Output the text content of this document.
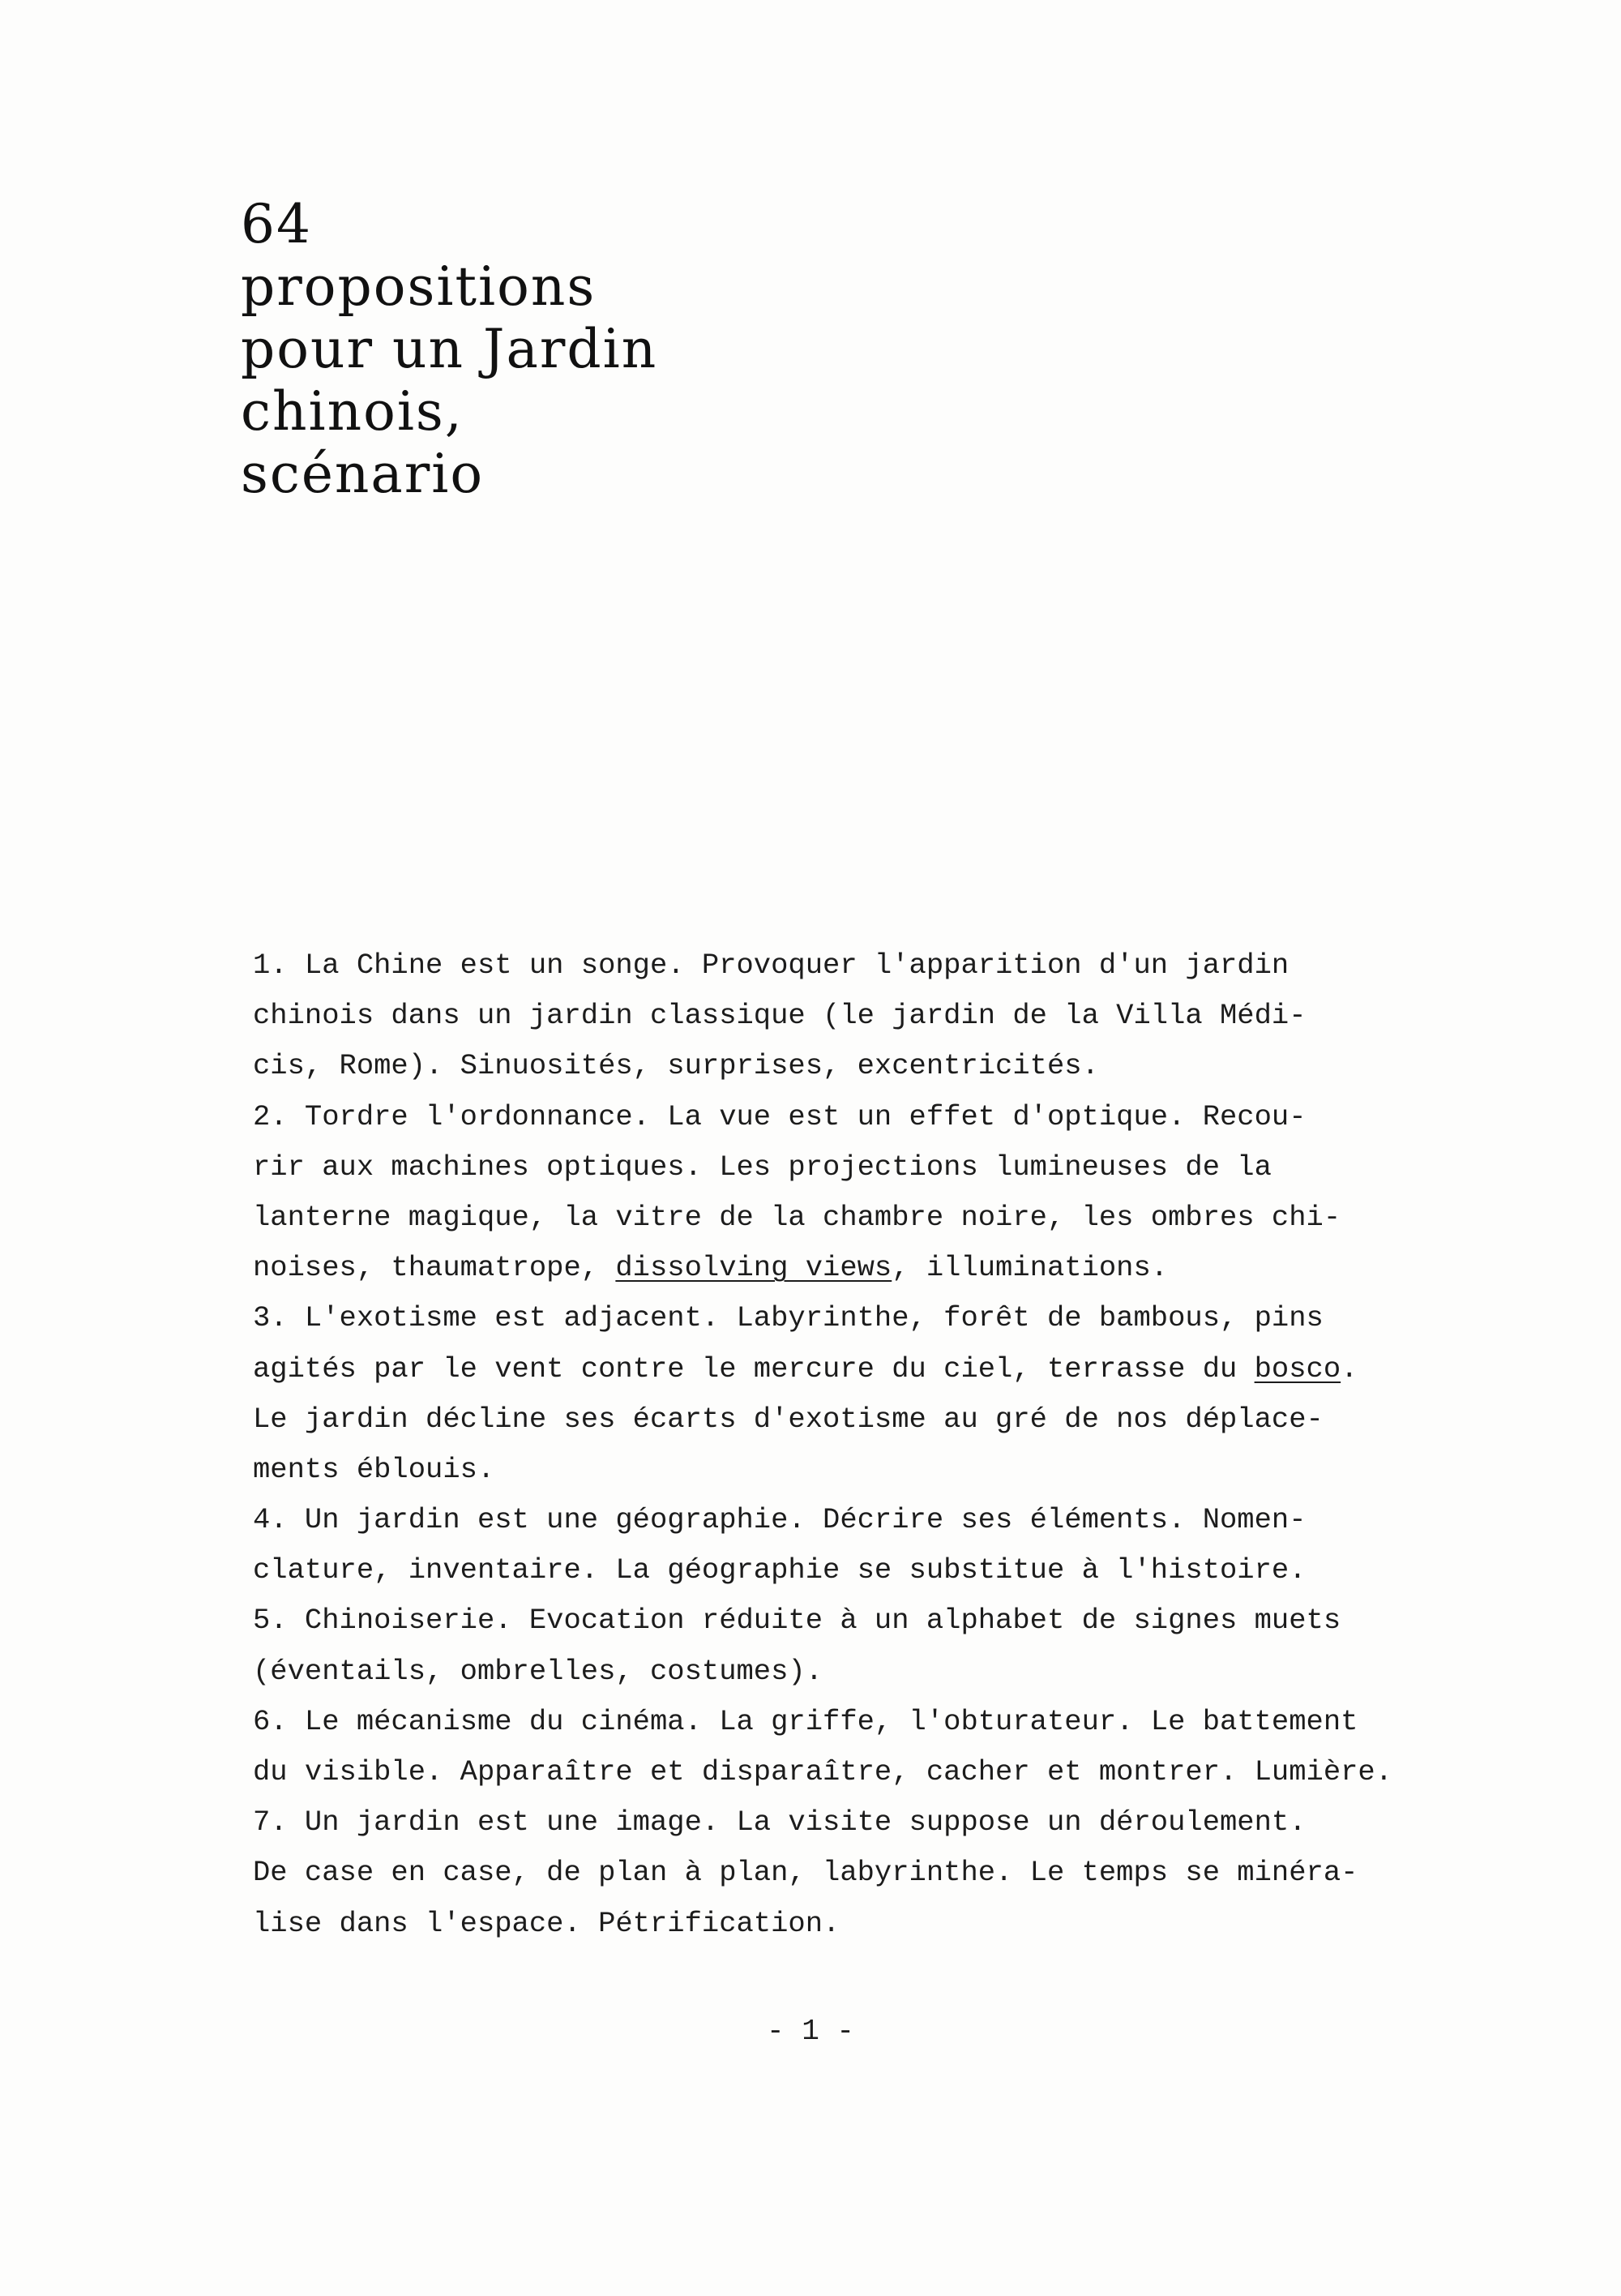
64
propositions
pour un Jardin
chinois,
scénario
1. La Chine est un songe. Provoquer l'apparition d'un jardin
chinois dans un jardin classique (le jardin de la Villa Médi-
cis, Rome). Sinuosités, surprises, excentricités.
2. Tordre l'ordonnance. La vue est un effet d'optique. Recou-
rir aux machines optiques. Les projections lumineuses de la
lanterne magique, la vitre de la chambre noire, les ombres chi-
noises, thaumatrope, dissolving views, illuminations.
3. L'exotisme est adjacent. Labyrinthe, forêt de bambous, pins
agités par le vent contre le mercure du ciel, terrasse du bosco.
Le jardin décline ses écarts d'exotisme au gré de nos déplace-
ments éblouis.
4. Un jardin est une géographie. Décrire ses éléments. Nomen-
clature, inventaire. La géographie se substitue à l'histoire.
5. Chinoiserie. Evocation réduite à un alphabet de signes muets
(éventails, ombrelles, costumes).
6. Le mécanisme du cinéma. La griffe, l'obturateur. Le battement
du visible. Apparaître et disparaître, cacher et montrer. Lumière.
7. Un jardin est une image. La visite suppose un déroulement.
De case en case, de plan à plan, labyrinthe. Le temps se minéra-
lise dans l'espace. Pétrification.
- 1 -
